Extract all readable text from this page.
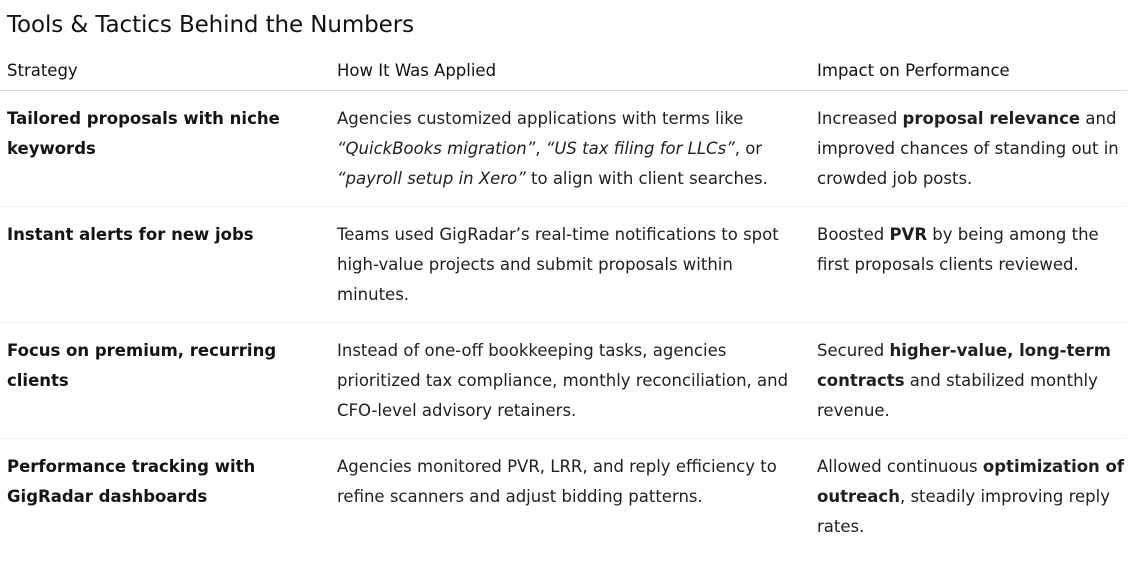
Tools & Tactics Behind the Numbers
Strategy	How It Was Applied	Impact on Performance
Tailored proposals with niche keywords	Agencies customized applications with terms like “QuickBooks migration”, “US tax filing for LLCs”, or “payroll setup in Xero” to align with client searches.	Increased proposal relevance and improved chances of standing out in crowded job posts.
Instant alerts for new jobs	Teams used GigRadar’s real-time notifications to spot high-value projects and submit proposals within minutes.	Boosted PVR by being among the first proposals clients reviewed.
Focus on premium, recurring clients	Instead of one-off bookkeeping tasks, agencies prioritized tax compliance, monthly reconciliation, and CFO-level advisory retainers.	Secured higher-value, long-term contracts and stabilized monthly revenue.
Performance tracking with GigRadar dashboards	Agencies monitored PVR, LRR, and reply efficiency to refine scanners and adjust bidding patterns.	Allowed continuous optimization of outreach, steadily improving reply rates.
